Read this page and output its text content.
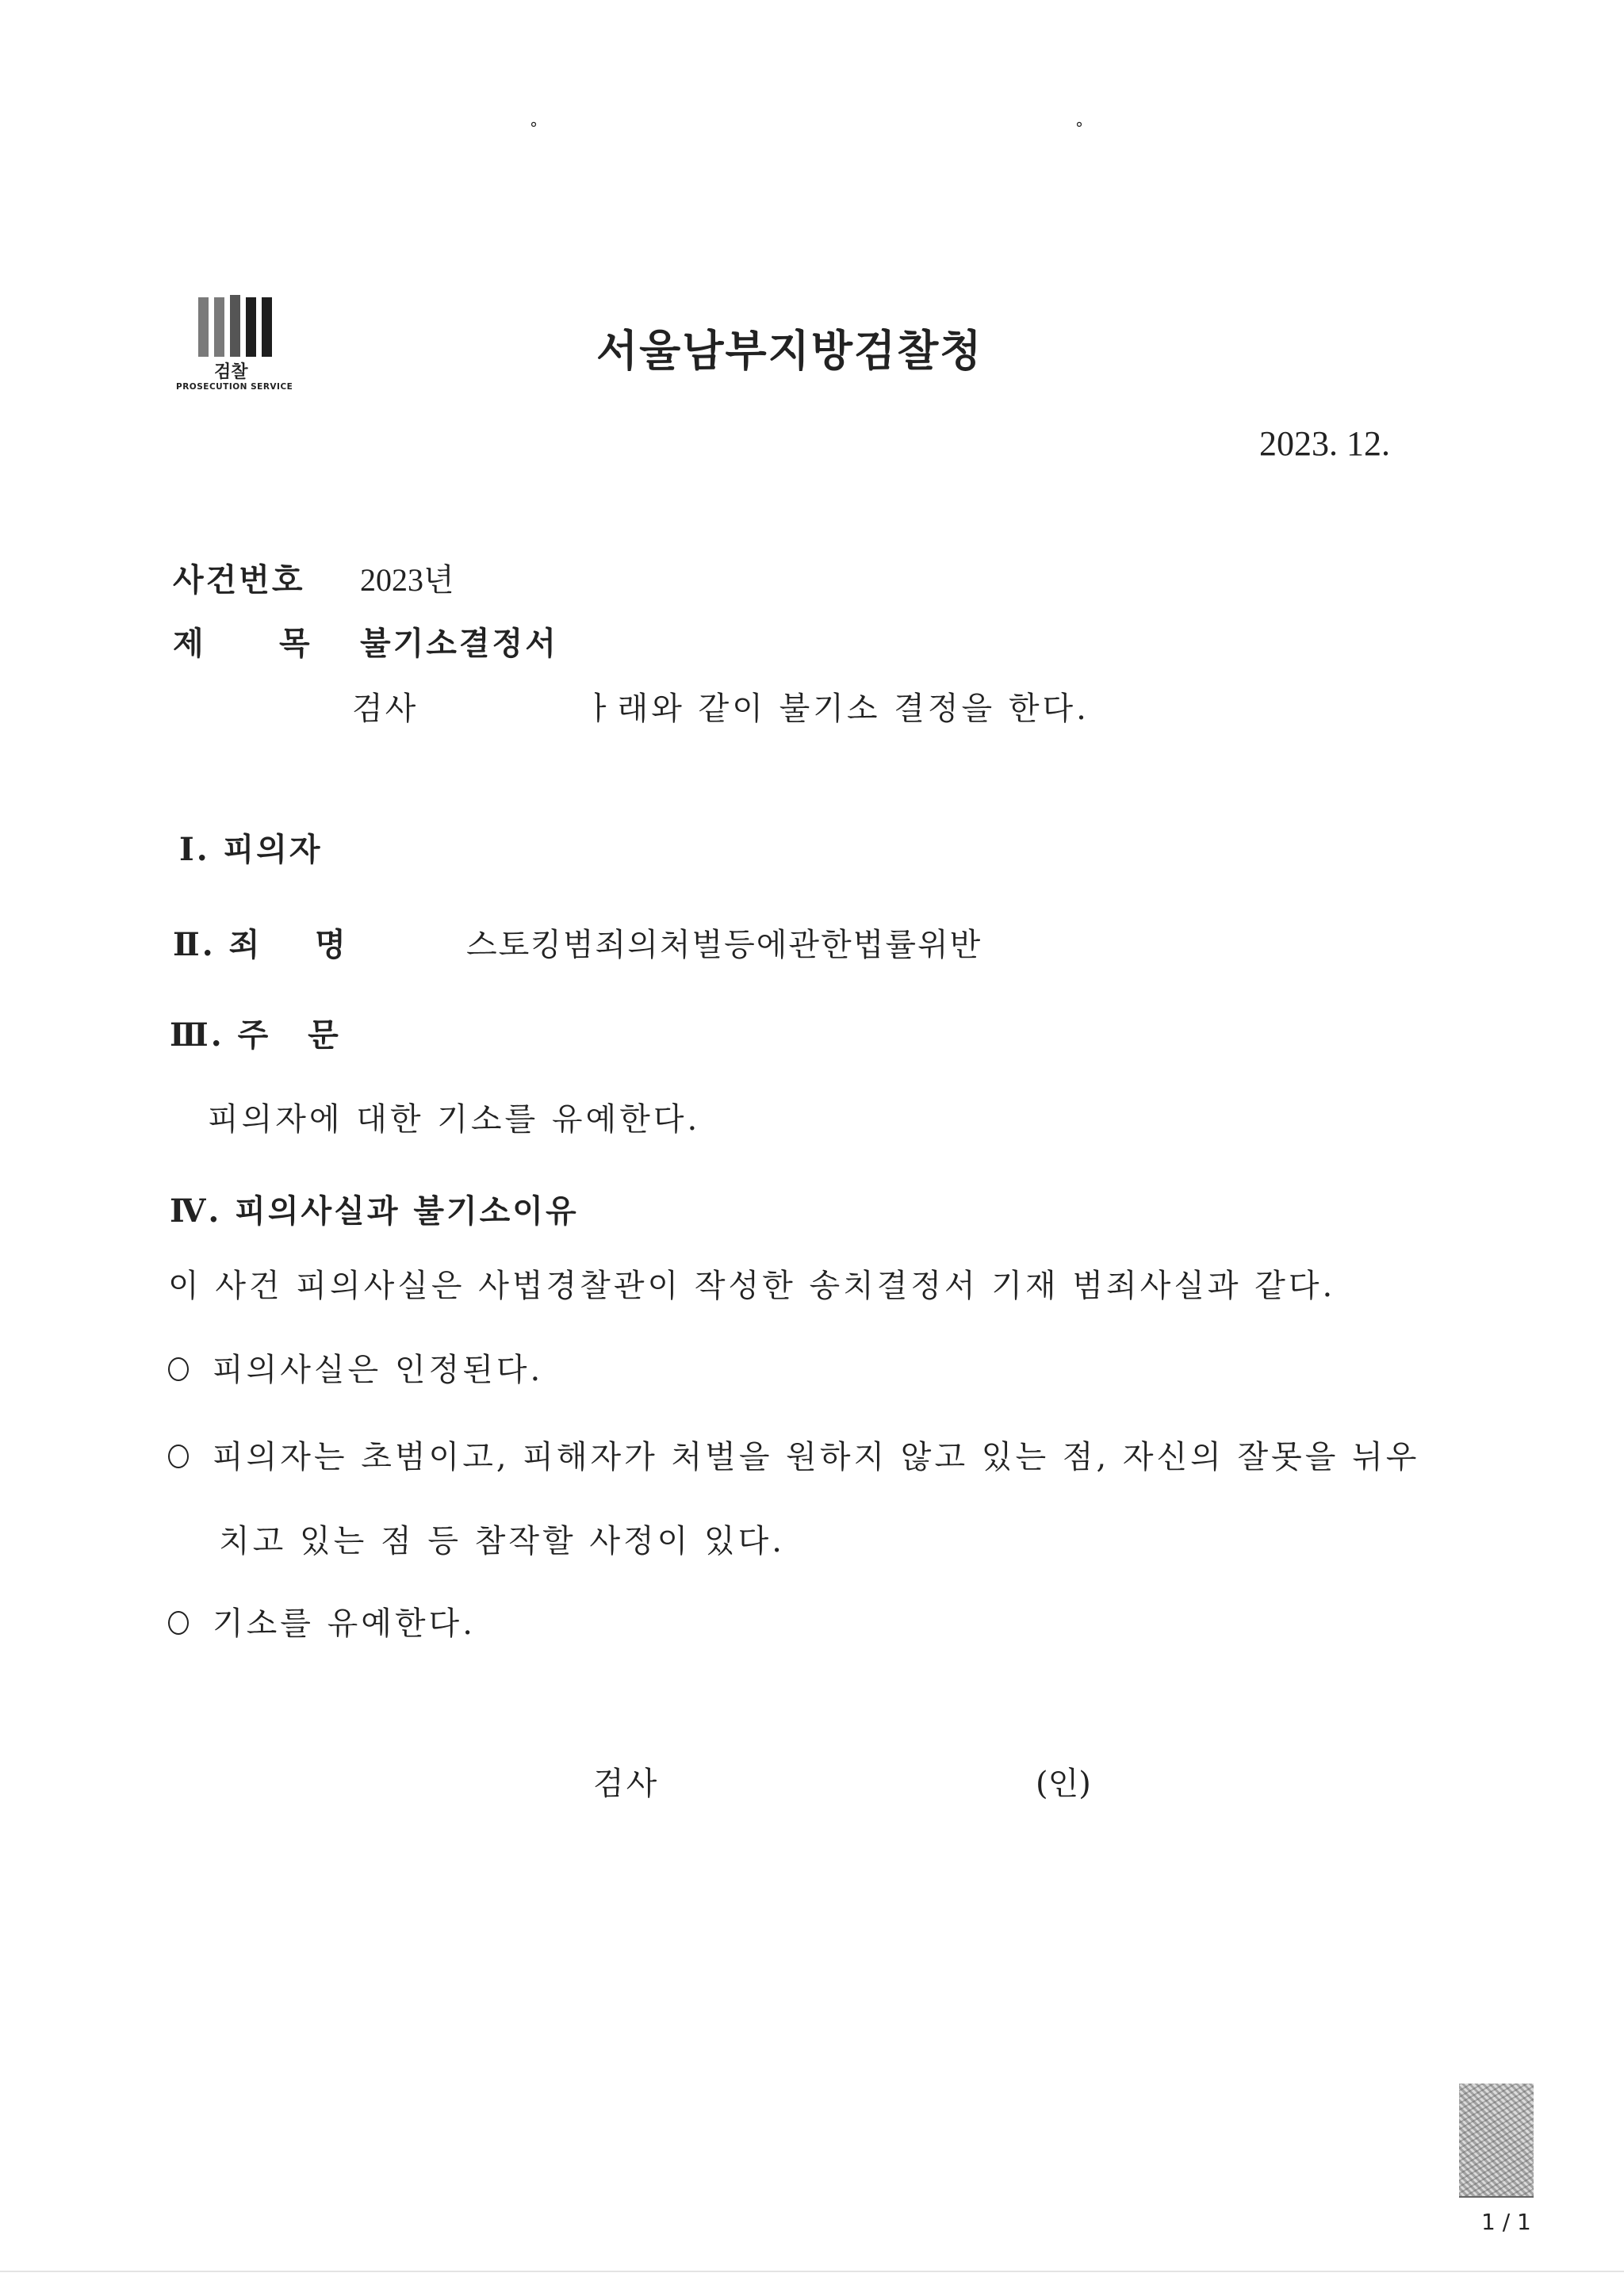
°	°
검찰
PROSECUTION SERVICE
서울남부지방검찰청
2023. 12.
사건번호 2023년
제 목 불기소결정서
검사	ㅏ래와 같이 불기소 결정을 한다.
Ⅰ. 피의자
Ⅱ. 죄 명	스토킹범죄의처벌등에관한법률위반
Ⅲ. 주 문
피의자에 대한 기소를 유예한다.
Ⅳ. 피의사실과 불기소이유
이 사건 피의사실은 사법경찰관이 작성한 송치결정서 기재 범죄사실과 같다.
피의사실은 인정된다.
피의자는 초범이고, 피해자가 처벌을 원하지 않고 있는 점, 자신의 잘못을 뉘우
치고 있는 점 등 참작할 사정이 있다.
기소를 유예한다.
검사	(인)
1 / 1
